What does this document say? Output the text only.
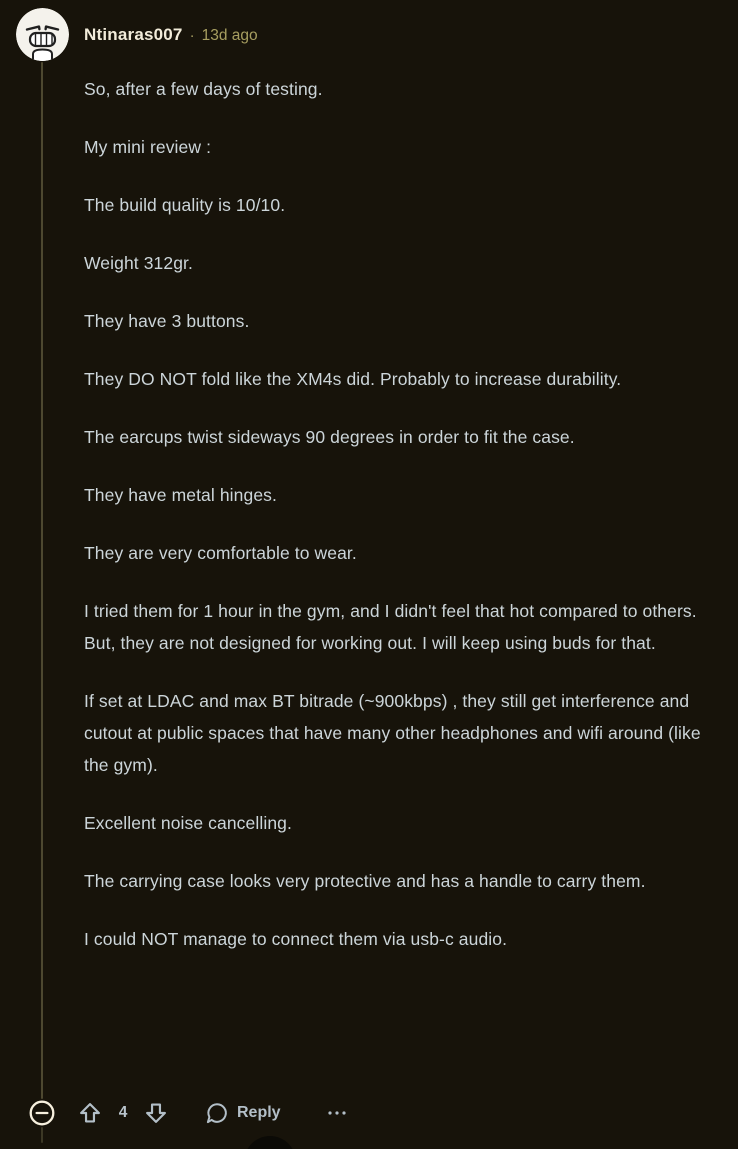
Ntinaras007 · 13d ago

So, after a few days of testing.

My mini review :

The build quality is 10/10.

Weight 312gr.

They have 3 buttons.

They DO NOT fold like the XM4s did. Probably to increase durability.

The earcups twist sideways 90 degrees in order to fit the case.

They have metal hinges.

They are very comfortable to wear.

I tried them for 1 hour in the gym, and I didn't feel that hot compared to others. But, they are not designed for working out. I will keep using buds for that.

If set at LDAC and max BT bitrade (~900kbps) , they still get interference and cutout at public spaces that have many other headphones and wifi around (like the gym).

Excellent noise cancelling.

The carrying case looks very protective and has a handle to carry them.

I could NOT manage to connect them via usb-c audio.

4	Reply
